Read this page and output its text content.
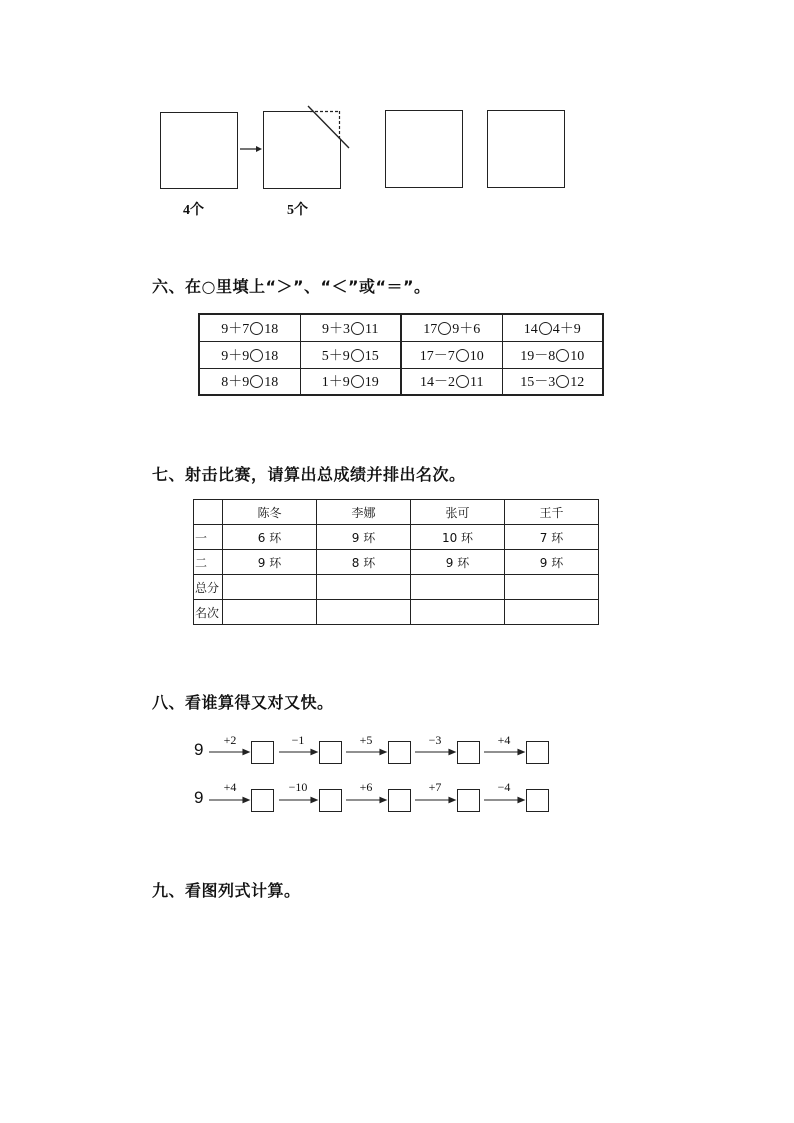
4个	5个
六、在○里填上“＞”、“＜”或“＝”。
9＋7 18	9＋3 11	17 9＋6	14 4＋9
9＋9 18	5＋9 15	17－7 10	19－8 10
8＋9 18	1＋9 19	14－2 11	15－3 12
七、射击比赛，请算出总成绩并排出名次。
	陈冬	李娜	张可	王千
一	6 环	9 环	10 环	7 环
二	9 环	8 环	9 环	9 环
总分				
名次				
八、看谁算得又对又快。
9	+2	−1	+5	−3	+4
9
+4	−10	+6	+7	−4
九、看图列式计算。
